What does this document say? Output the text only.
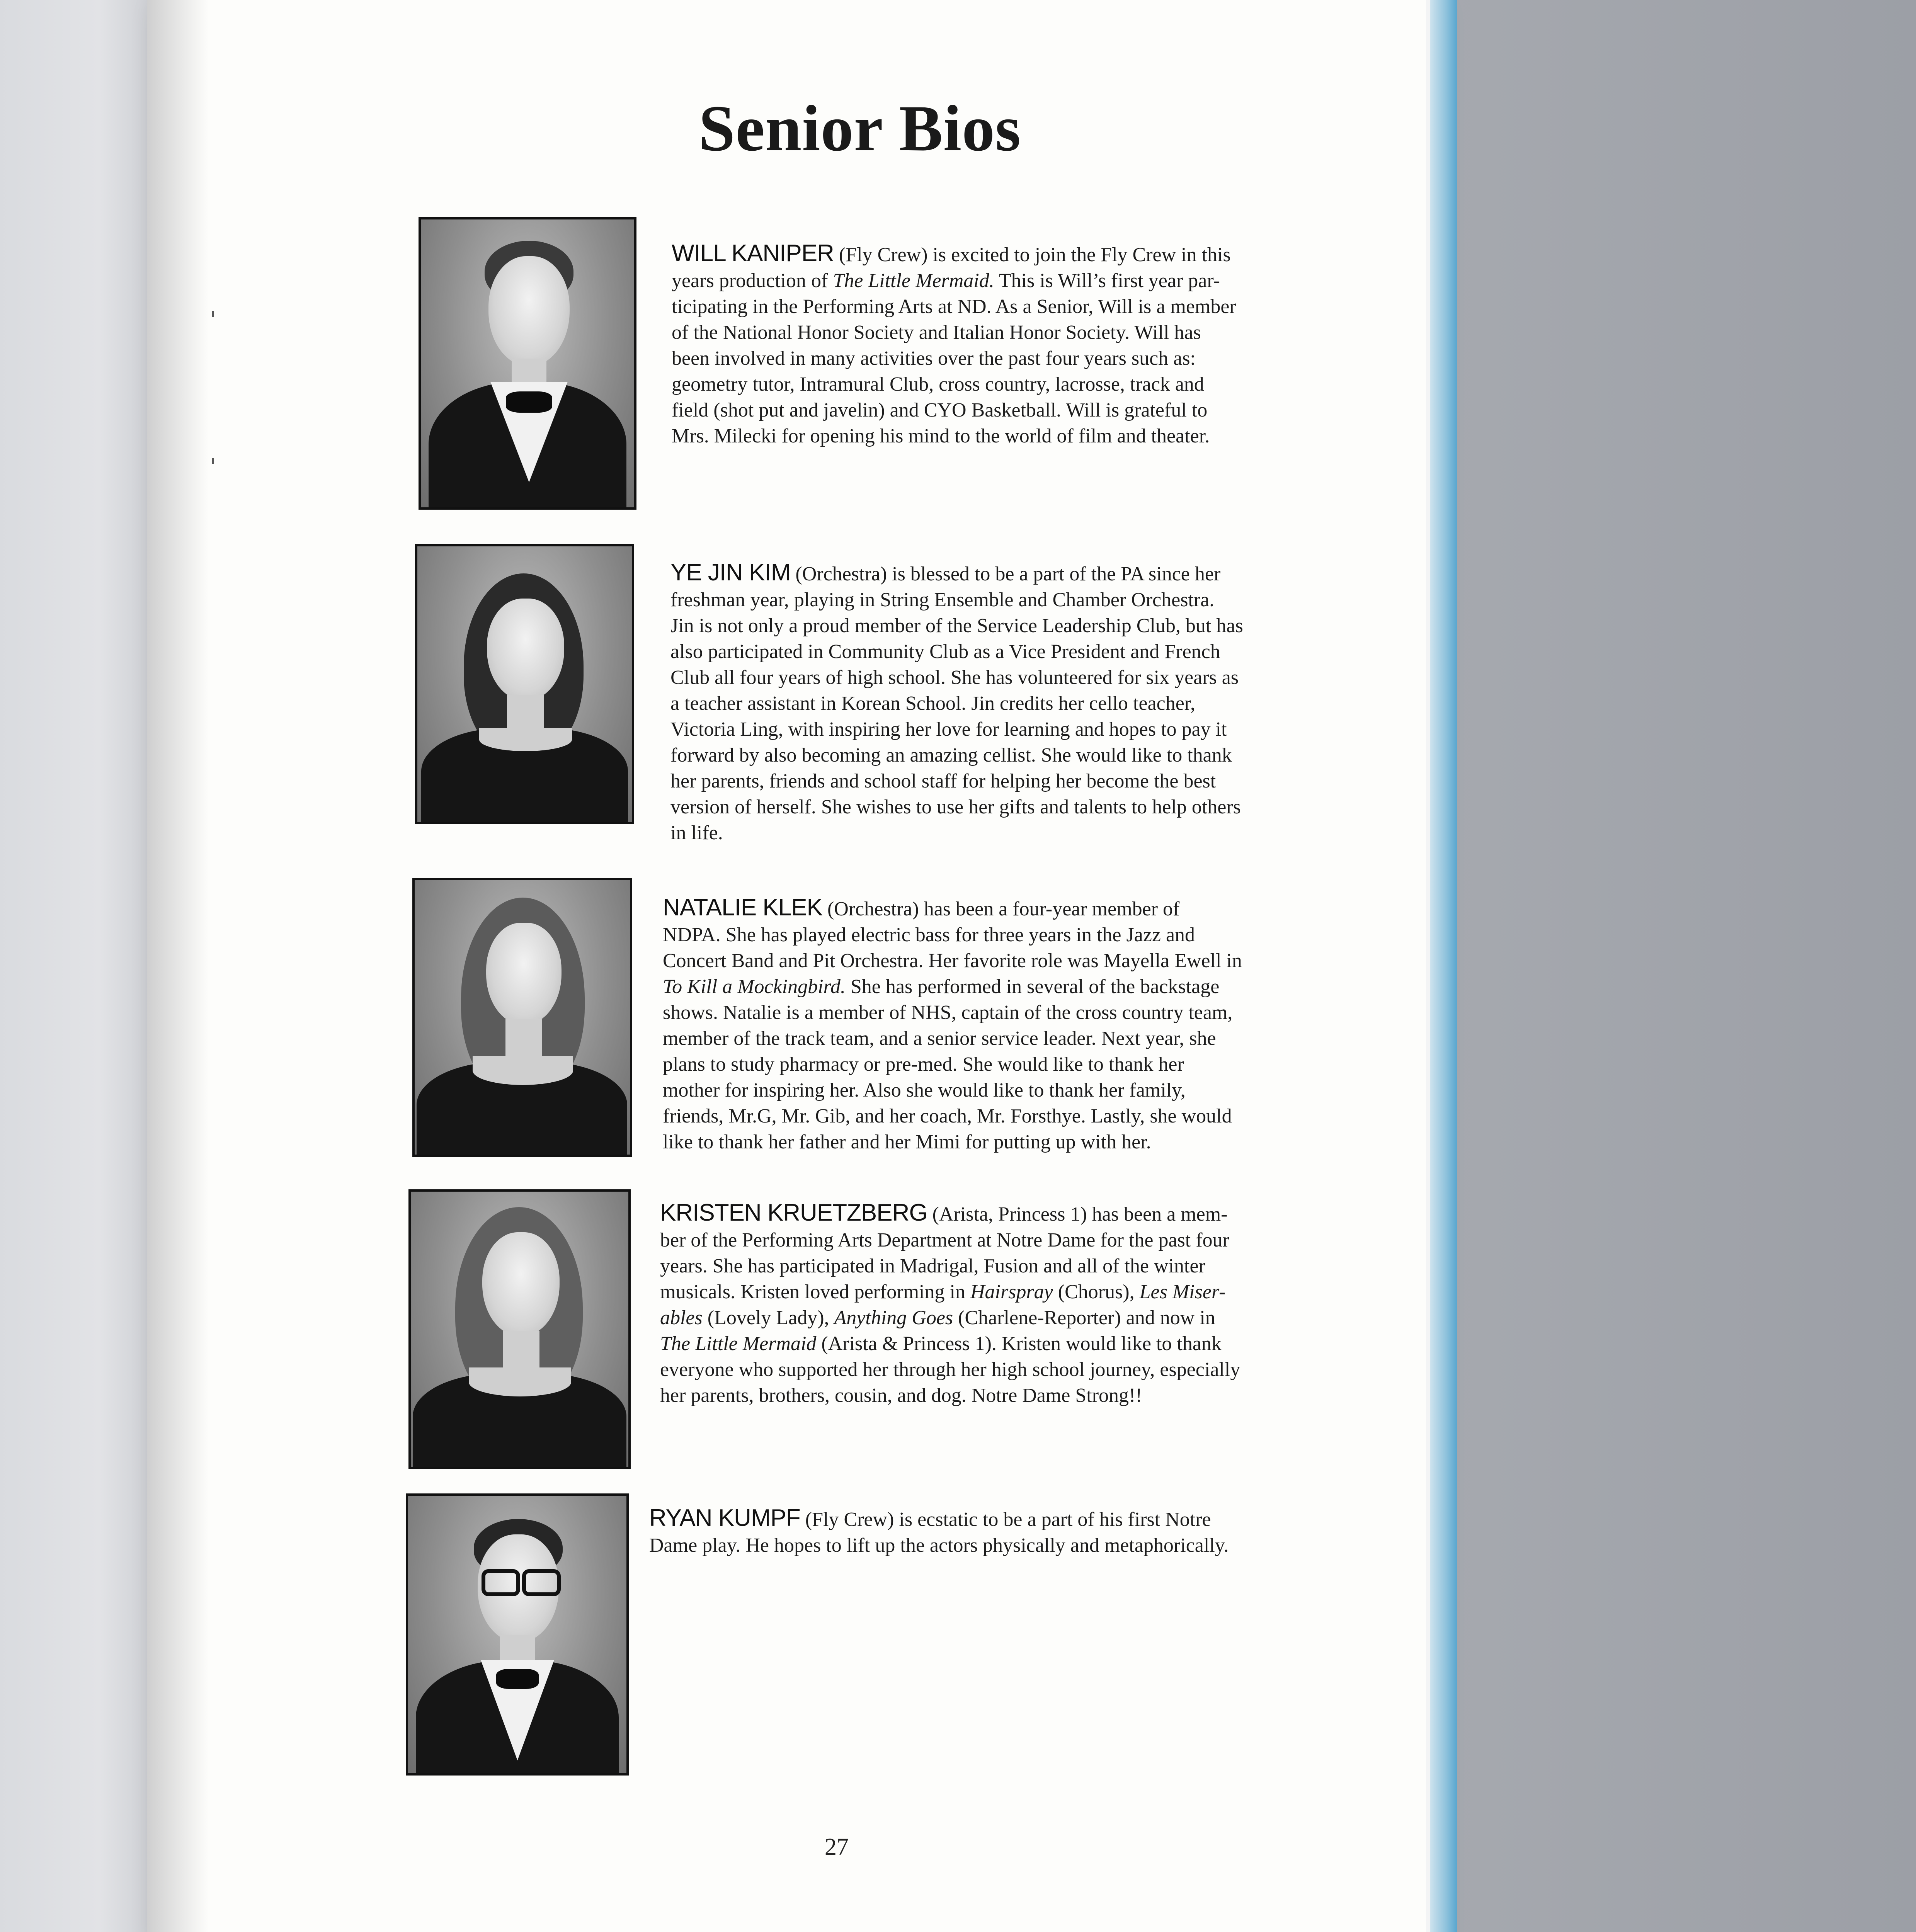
Senior Bios
WILL KANIPER (Fly Crew) is excited to join the Fly Crew in this
years production of The Little Mermaid. This is Will’s first year par-
ticipating in the Performing Arts at ND. As a Senior, Will is a member
of the National Honor Society and Italian Honor Society. Will has
been involved in many activities over the past four years such as:
geometry tutor, Intramural Club, cross country, lacrosse, track and
field (shot put and javelin) and CYO Basketball. Will is grateful to
Mrs. Milecki for opening his mind to the world of film and theater.
YE JIN KIM (Orchestra) is blessed to be a part of the PA since her
freshman year, playing in String Ensemble and Chamber Orchestra.
Jin is not only a proud member of the Service Leadership Club, but has
also participated in Community Club as a Vice President and French
Club all four years of high school. She has volunteered for six years as
a teacher assistant in Korean School. Jin credits her cello teacher,
Victoria Ling, with inspiring her love for learning and hopes to pay it
forward by also becoming an amazing cellist. She would like to thank
her parents, friends and school staff for helping her become the best
version of herself. She wishes to use her gifts and talents to help others
in life.
NATALIE KLEK (Orchestra) has been a four-year member of
NDPA. She has played electric bass for three years in the Jazz and
Concert Band and Pit Orchestra. Her favorite role was Mayella Ewell in
To Kill a Mockingbird. She has performed in several of the backstage
shows. Natalie is a member of NHS, captain of the cross country team,
member of the track team, and a senior service leader. Next year, she
plans to study pharmacy or pre-med. She would like to thank her
mother for inspiring her. Also she would like to thank her family,
friends, Mr.G, Mr. Gib, and her coach, Mr. Forsthye. Lastly, she would
like to thank her father and her Mimi for putting up with her.
KRISTEN KRUETZBERG (Arista, Princess 1) has been a mem-
ber of the Performing Arts Department at Notre Dame for the past four
years. She has participated in Madrigal, Fusion and all of the winter
musicals. Kristen loved performing in Hairspray (Chorus), Les Miser-
ables (Lovely Lady), Anything Goes (Charlene-Reporter) and now in
The Little Mermaid (Arista & Princess 1). Kristen would like to thank
everyone who supported her through her high school journey, especially
her parents, brothers, cousin, and dog. Notre Dame Strong!!
RYAN KUMPF (Fly Crew) is ecstatic to be a part of his first Notre
Dame play. He hopes to lift up the actors physically and metaphorically.
27
